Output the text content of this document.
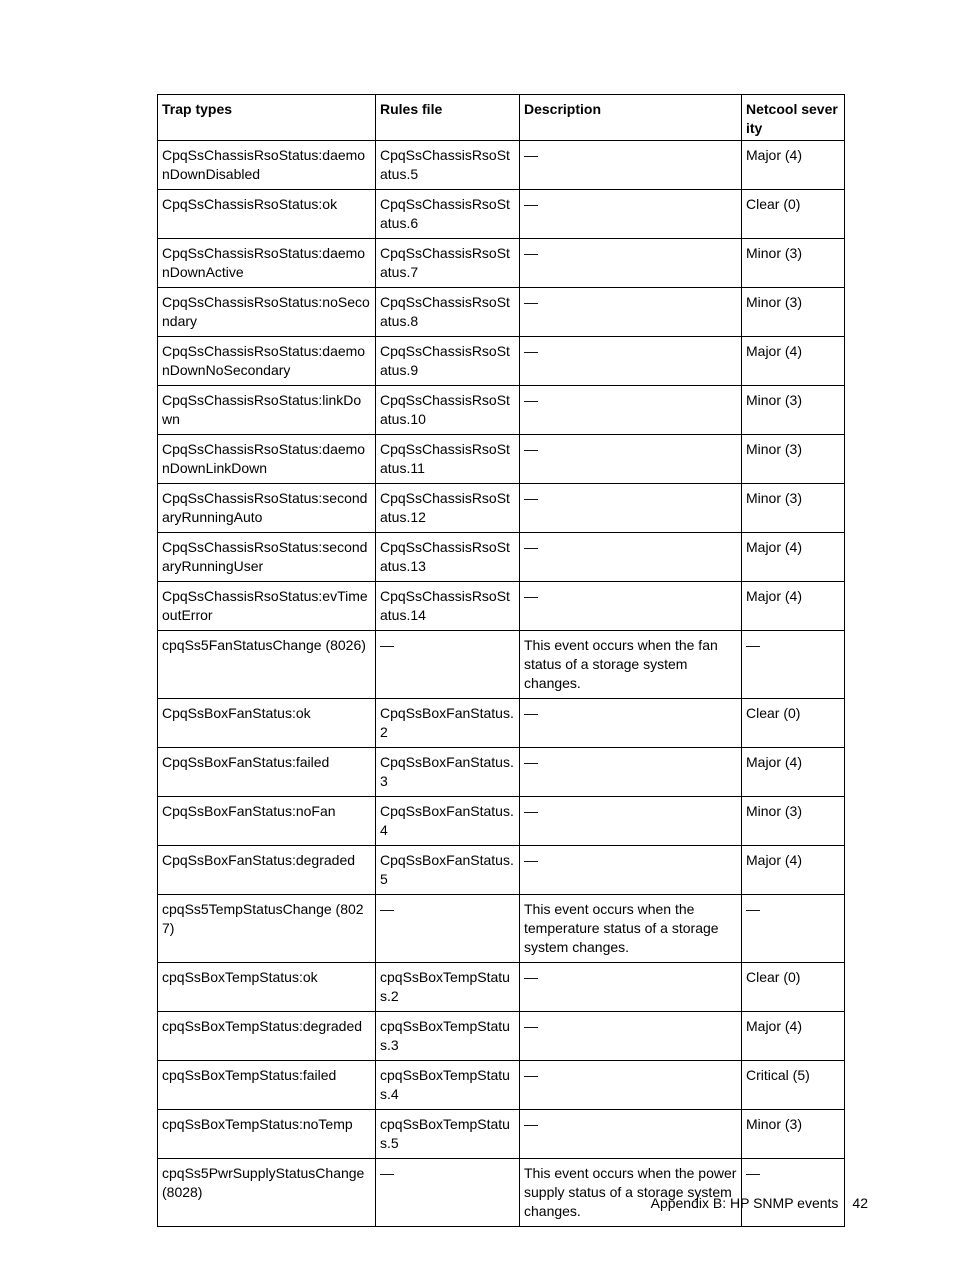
Trap types	Rules file	Description	Netcool severity
CpqSsChassisRsoStatus:daemonDownDisabled	CpqSsChassisRsoStatus.5	—	Major (4)
CpqSsChassisRsoStatus:ok	CpqSsChassisRsoStatus.6	—	Clear (0)
CpqSsChassisRsoStatus:daemonDownActive	CpqSsChassisRsoStatus.7	—	Minor (3)
CpqSsChassisRsoStatus:noSecondary	CpqSsChassisRsoStatus.8	—	Minor (3)
CpqSsChassisRsoStatus:daemonDownNoSecondary	CpqSsChassisRsoStatus.9	—	Major (4)
CpqSsChassisRsoStatus:linkDown	CpqSsChassisRsoStatus.10	—	Minor (3)
CpqSsChassisRsoStatus:daemonDownLinkDown	CpqSsChassisRsoStatus.11	—	Minor (3)
CpqSsChassisRsoStatus:secondaryRunningAuto	CpqSsChassisRsoStatus.12	—	Minor (3)
CpqSsChassisRsoStatus:secondaryRunningUser	CpqSsChassisRsoStatus.13	—	Major (4)
CpqSsChassisRsoStatus:evTimeoutError	CpqSsChassisRsoStatus.14	—	Major (4)
cpqSs5FanStatusChange (8026)	—	This event occurs when the fan status of a storage system changes.	—
CpqSsBoxFanStatus:ok	CpqSsBoxFanStatus.2	—	Clear (0)
CpqSsBoxFanStatus:failed	CpqSsBoxFanStatus.3	—	Major (4)
CpqSsBoxFanStatus:noFan	CpqSsBoxFanStatus.4	—	Minor (3)
CpqSsBoxFanStatus:degraded	CpqSsBoxFanStatus.5	—	Major (4)
cpqSs5TempStatusChange (8027)	—	This event occurs when the temperature status of a storage system changes.	—
cpqSsBoxTempStatus:ok	cpqSsBoxTempStatus.2	—	Clear (0)
cpqSsBoxTempStatus:degraded	cpqSsBoxTempStatus.3	—	Major (4)
cpqSsBoxTempStatus:failed	cpqSsBoxTempStatus.4	—	Critical (5)
cpqSsBoxTempStatus:noTemp	cpqSsBoxTempStatus.5	—	Minor (3)
cpqSs5PwrSupplyStatusChange (8028)	—	This event occurs when the power supply status of a storage system changes.	—
Appendix B: HP SNMP events 42
